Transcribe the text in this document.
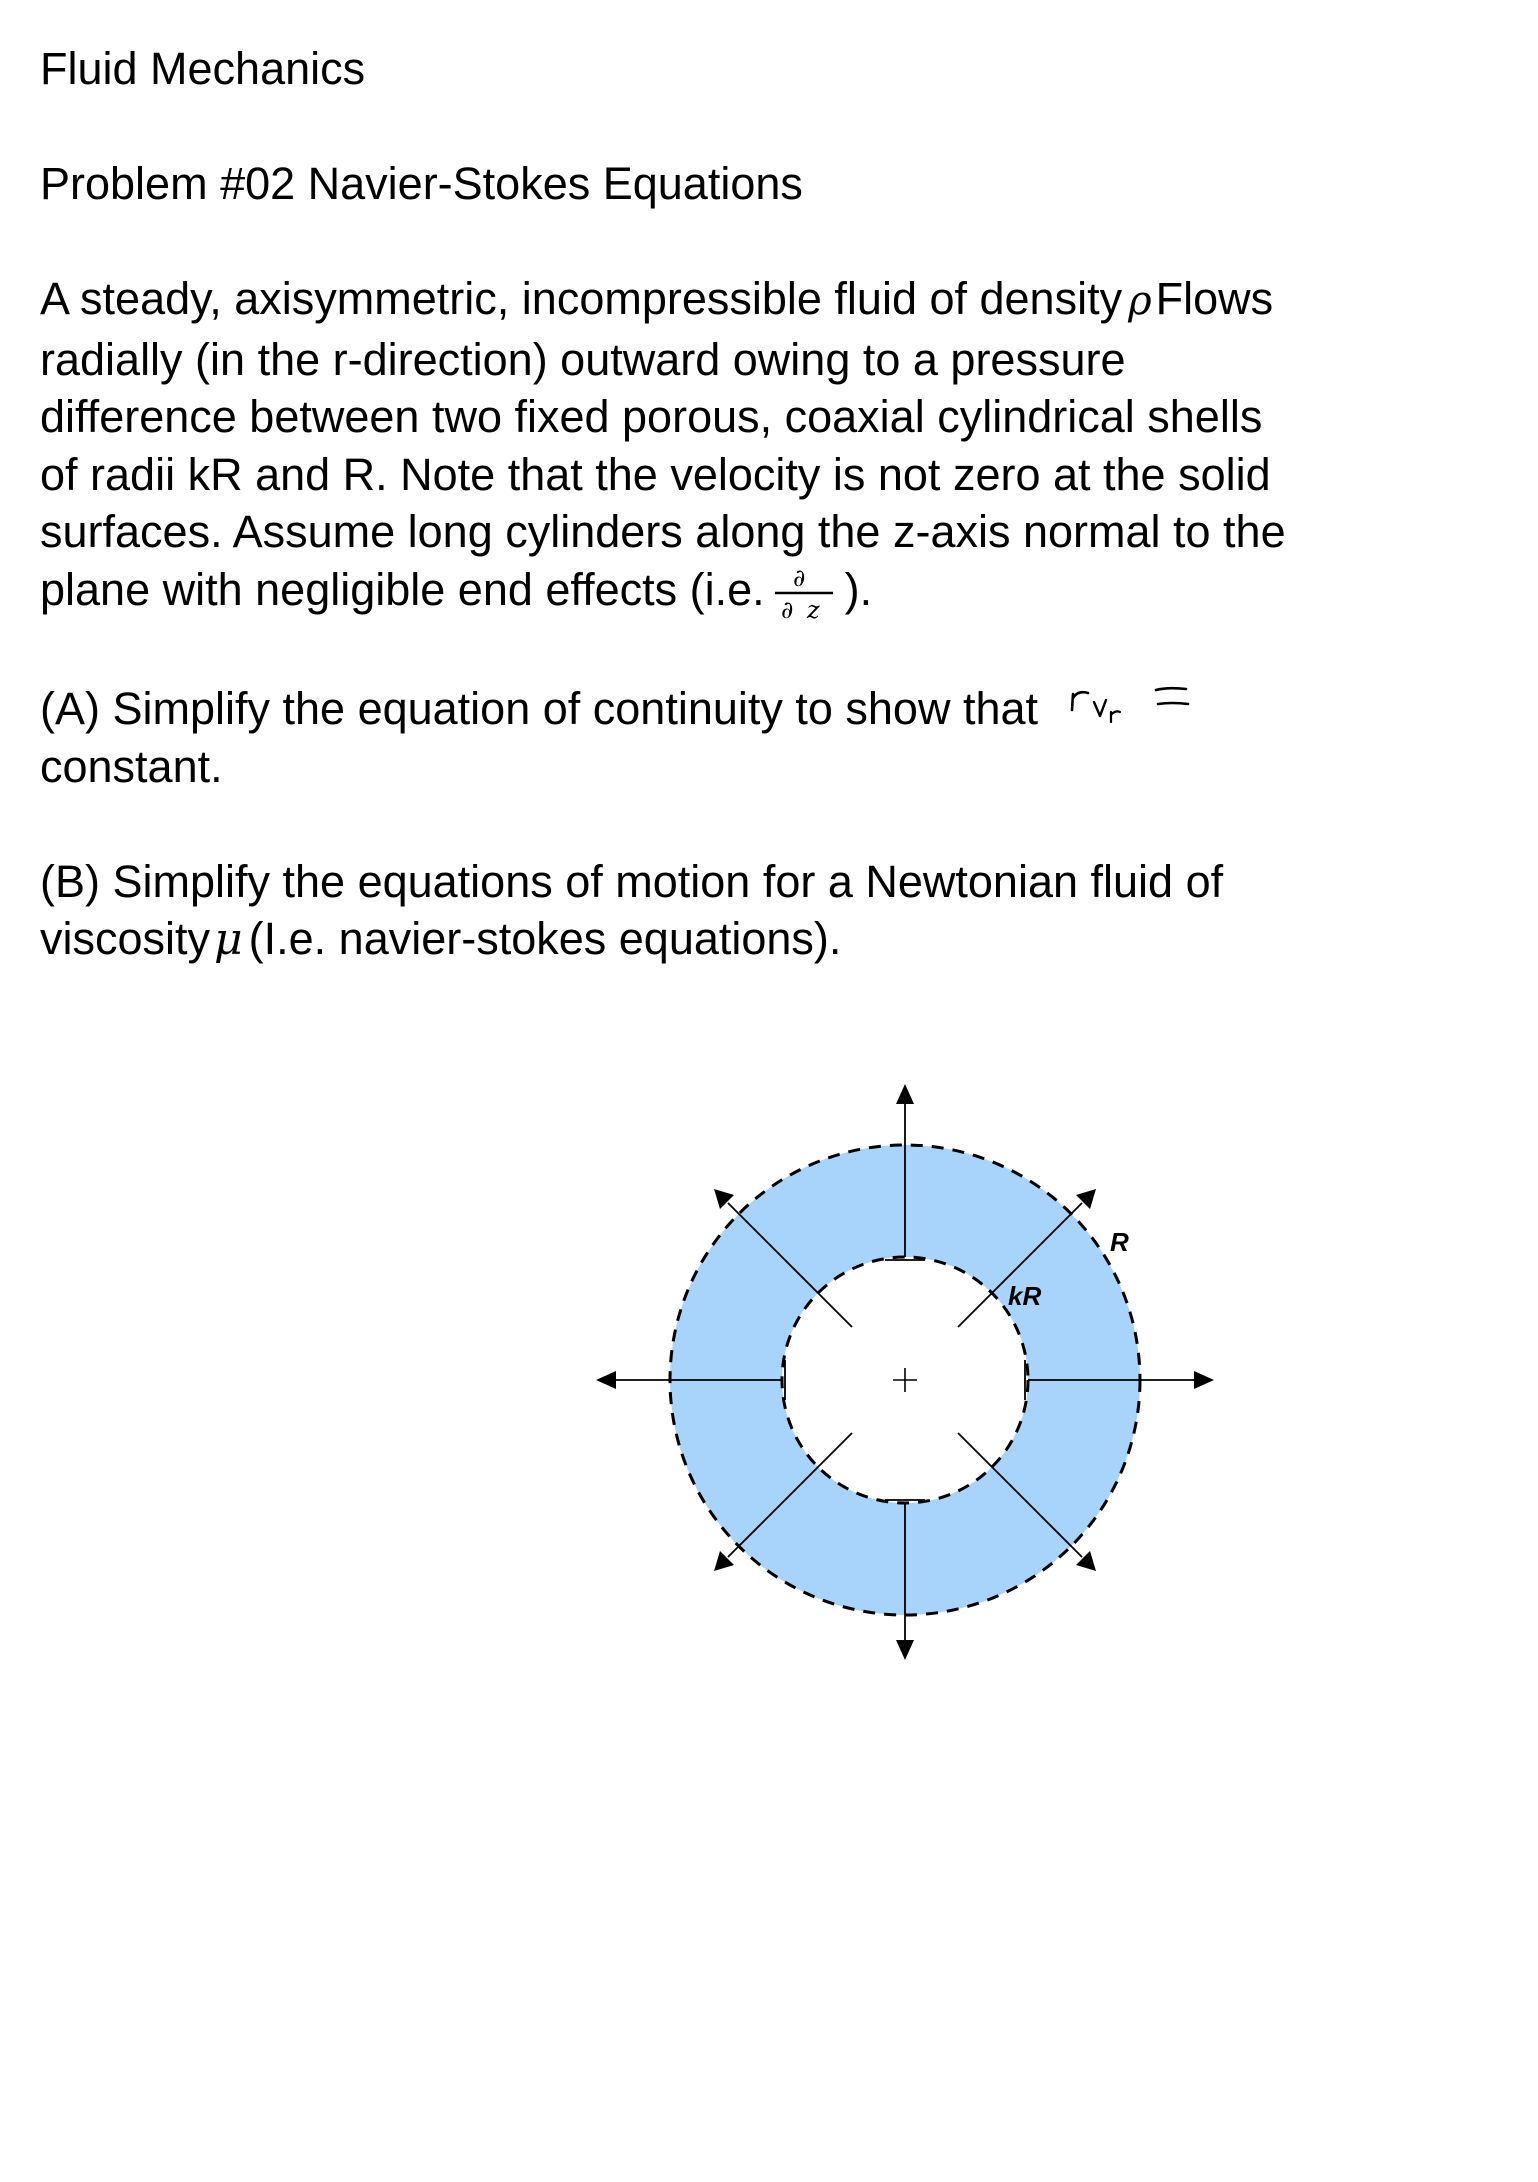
Fluid Mechanics

Problem #02 Navier-Stokes Equations

A steady, axisymmetric, incompressible fluid of density ρFlows

radially (in the r-direction) outward owing to a pressure

difference between two fixed porous, coaxial cylindrical shells

of radii kR and R. Note that the velocity is not zero at the solid

surfaces. Assume long cylinders along the z-axis normal to the

plane with negligible end effects (i.e. ∂
∂ z ).

(A) Simplify the equation of continuity to show that

constant.

(B) Simplify the equations of motion for a Newtonian fluid of

viscosityμ (I.e. navier-stokes equations).

R
kR
